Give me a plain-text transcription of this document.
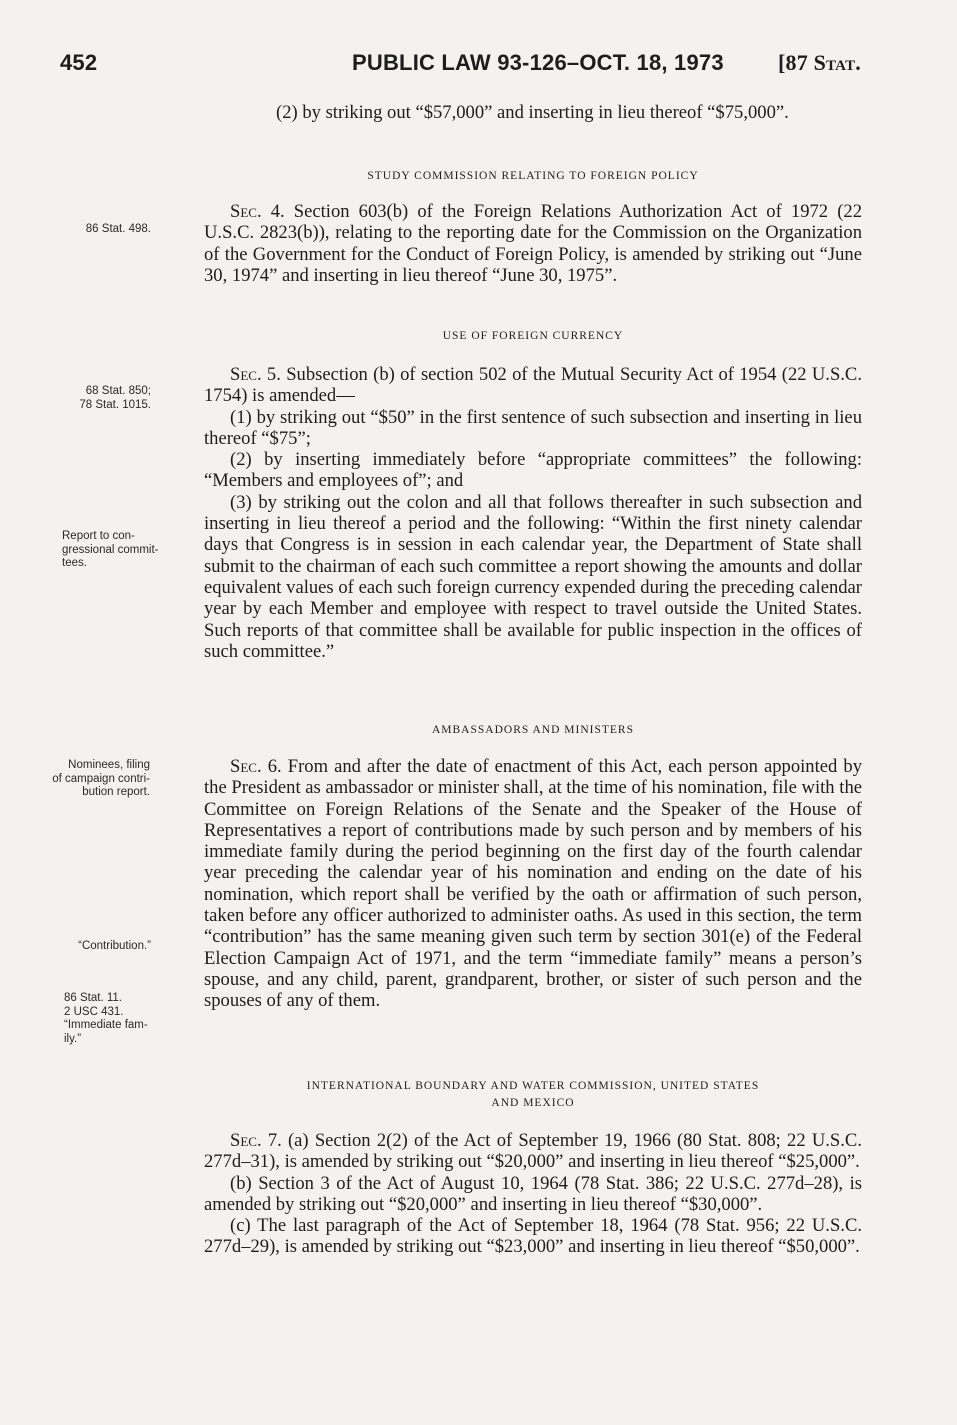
452	PUBLIC LAW 93-126–OCT. 18, 1973 [87 Stat.

(2) by striking out “$57,000” and inserting in lieu thereof “$75,000”.

STUDY COMMISSION RELATING TO FOREIGN POLICY

Sec. 4. Section 603(b) of the Foreign Relations Authorization Act of 1972 (22 U.S.C. 2823(b)), relating to the reporting date for the Commission on the Organization of the Government for the Conduct of Foreign Policy, is amended by striking out “June 30, 1974” and inserting in lieu thereof “June 30, 1975”.

USE OF FOREIGN CURRENCY

Sec. 5. Subsection (b) of section 502 of the Mutual Security Act of 1954 (22 U.S.C. 1754) is amended—

(1) by striking out “$50” in the first sentence of such subsection and inserting in lieu thereof “$75”;

(2) by inserting immediately before “appropriate committees” the following: “Members and employees of”; and

(3) by striking out the colon and all that follows thereafter in such subsection and inserting in lieu thereof a period and the following: “Within the first ninety calendar days that Congress is in session in each calendar year, the Department of State shall submit to the chairman of each such committee a report showing the amounts and dollar equivalent values of each such foreign currency expended during the preceding calendar year by each Member and employee with respect to travel outside the United States. Such reports of that committee shall be available for public inspection in the offices of such committee.”

AMBASSADORS AND MINISTERS

Sec. 6. From and after the date of enactment of this Act, each person appointed by the President as ambassador or minister shall, at the time of his nomination, file with the Committee on Foreign Relations of the Senate and the Speaker of the House of Representatives a report of contributions made by such person and by members of his immediate family during the period beginning on the first day of the fourth calendar year preceding the calendar year of his nomination and ending on the date of his nomination, which report shall be verified by the oath or affirmation of such person, taken before any officer authorized to administer oaths. As used in this section, the term “contribution” has the same meaning given such term by section 301(e) of the Federal Election Campaign Act of 1971, and the term “immediate family” means a person’s spouse, and any child, parent, grandparent, brother, or sister of such person and the spouses of any of them.

INTERNATIONAL BOUNDARY AND WATER COMMISSION, UNITED STATES
AND MEXICO

Sec. 7. (a) Section 2(2) of the Act of September 19, 1966 (80 Stat. 808; 22 U.S.C. 277d–31), is amended by striking out “$20,000” and inserting in lieu thereof “$25,000”.

(b) Section 3 of the Act of August 10, 1964 (78 Stat. 386; 22 U.S.C. 277d–28), is amended by striking out “$20,000” and inserting in lieu thereof “$30,000”.

(c) The last paragraph of the Act of September 18, 1964 (78 Stat. 956; 22 U.S.C. 277d–29), is amended by striking out “$23,000” and inserting in lieu thereof “$50,000”.

86 Stat. 498.
68 Stat. 850;
78 Stat. 1015.
Report to con-
gressional commit-
tees.
Nominees, filing
of campaign contri-
bution report.
“Contribution.”
86 Stat. 11.
2 USC 431.
“Immediate fam-
ily.”
